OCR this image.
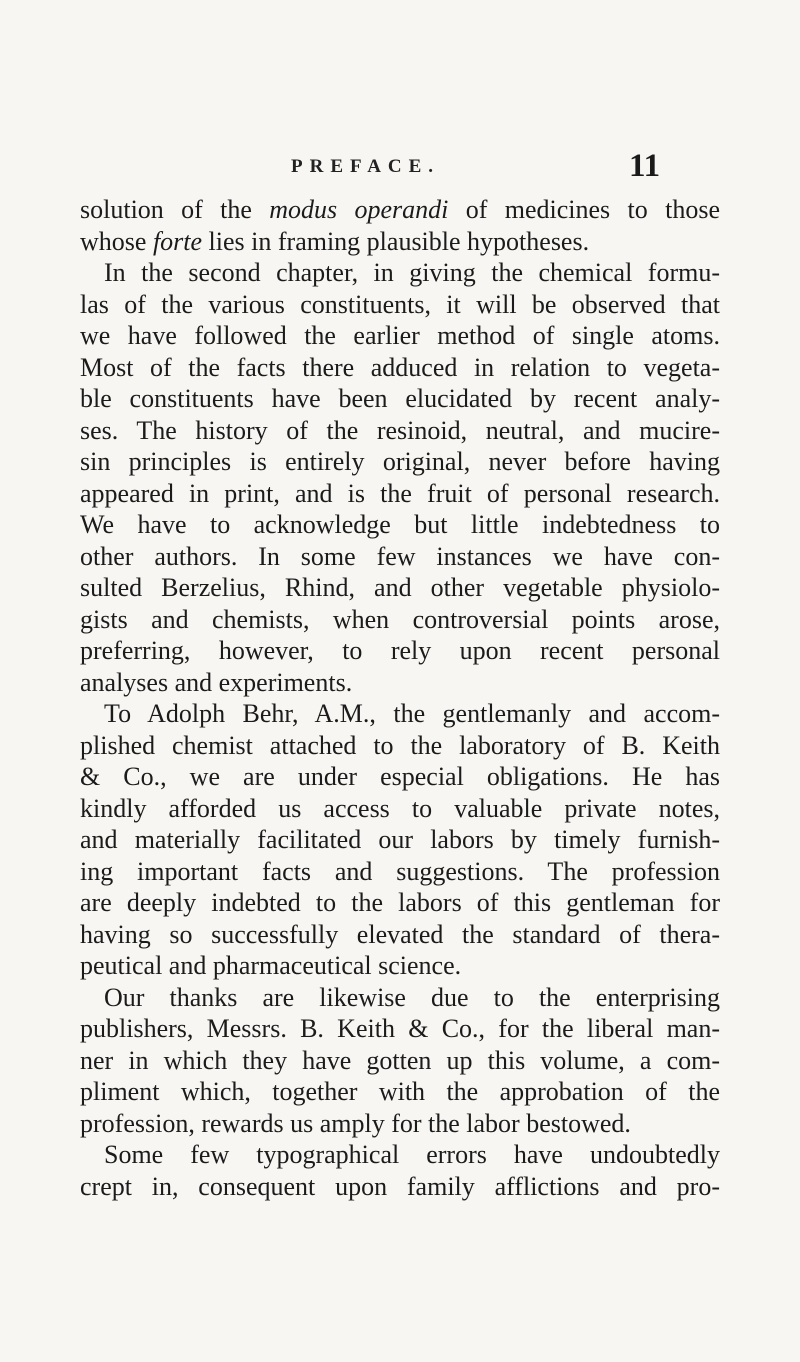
PREFACE.	11
solution of the modus operandi of medicines to those
whose forte lies in framing plausible hypotheses.
In the second chapter, in giving the chemical formu-
las of the various constituents, it will be observed that
we have followed the earlier method of single atoms.
Most of the facts there adduced in relation to vegeta-
ble constituents have been elucidated by recent analy-
ses. The history of the resinoid, neutral, and mucire-
sin principles is entirely original, never before having
appeared in print, and is the fruit of personal research.
We have to acknowledge but little indebtedness to
other authors. In some few instances we have con-
sulted Berzelius, Rhind, and other vegetable physiolo-
gists and chemists, when controversial points arose,
preferring, however, to rely upon recent personal
analyses and experiments.
To Adolph Behr, A.M., the gentlemanly and accom-
plished chemist attached to the laboratory of B. Keith
& Co., we are under especial obligations. He has
kindly afforded us access to valuable private notes,
and materially facilitated our labors by timely furnish-
ing important facts and suggestions. The profession
are deeply indebted to the labors of this gentleman for
having so successfully elevated the standard of thera-
peutical and pharmaceutical science.
Our thanks are likewise due to the enterprising
publishers, Messrs. B. Keith & Co., for the liberal man-
ner in which they have gotten up this volume, a com-
pliment which, together with the approbation of the
profession, rewards us amply for the labor bestowed.
Some few typographical errors have undoubtedly
crept in, consequent upon family afflictions and pro-
